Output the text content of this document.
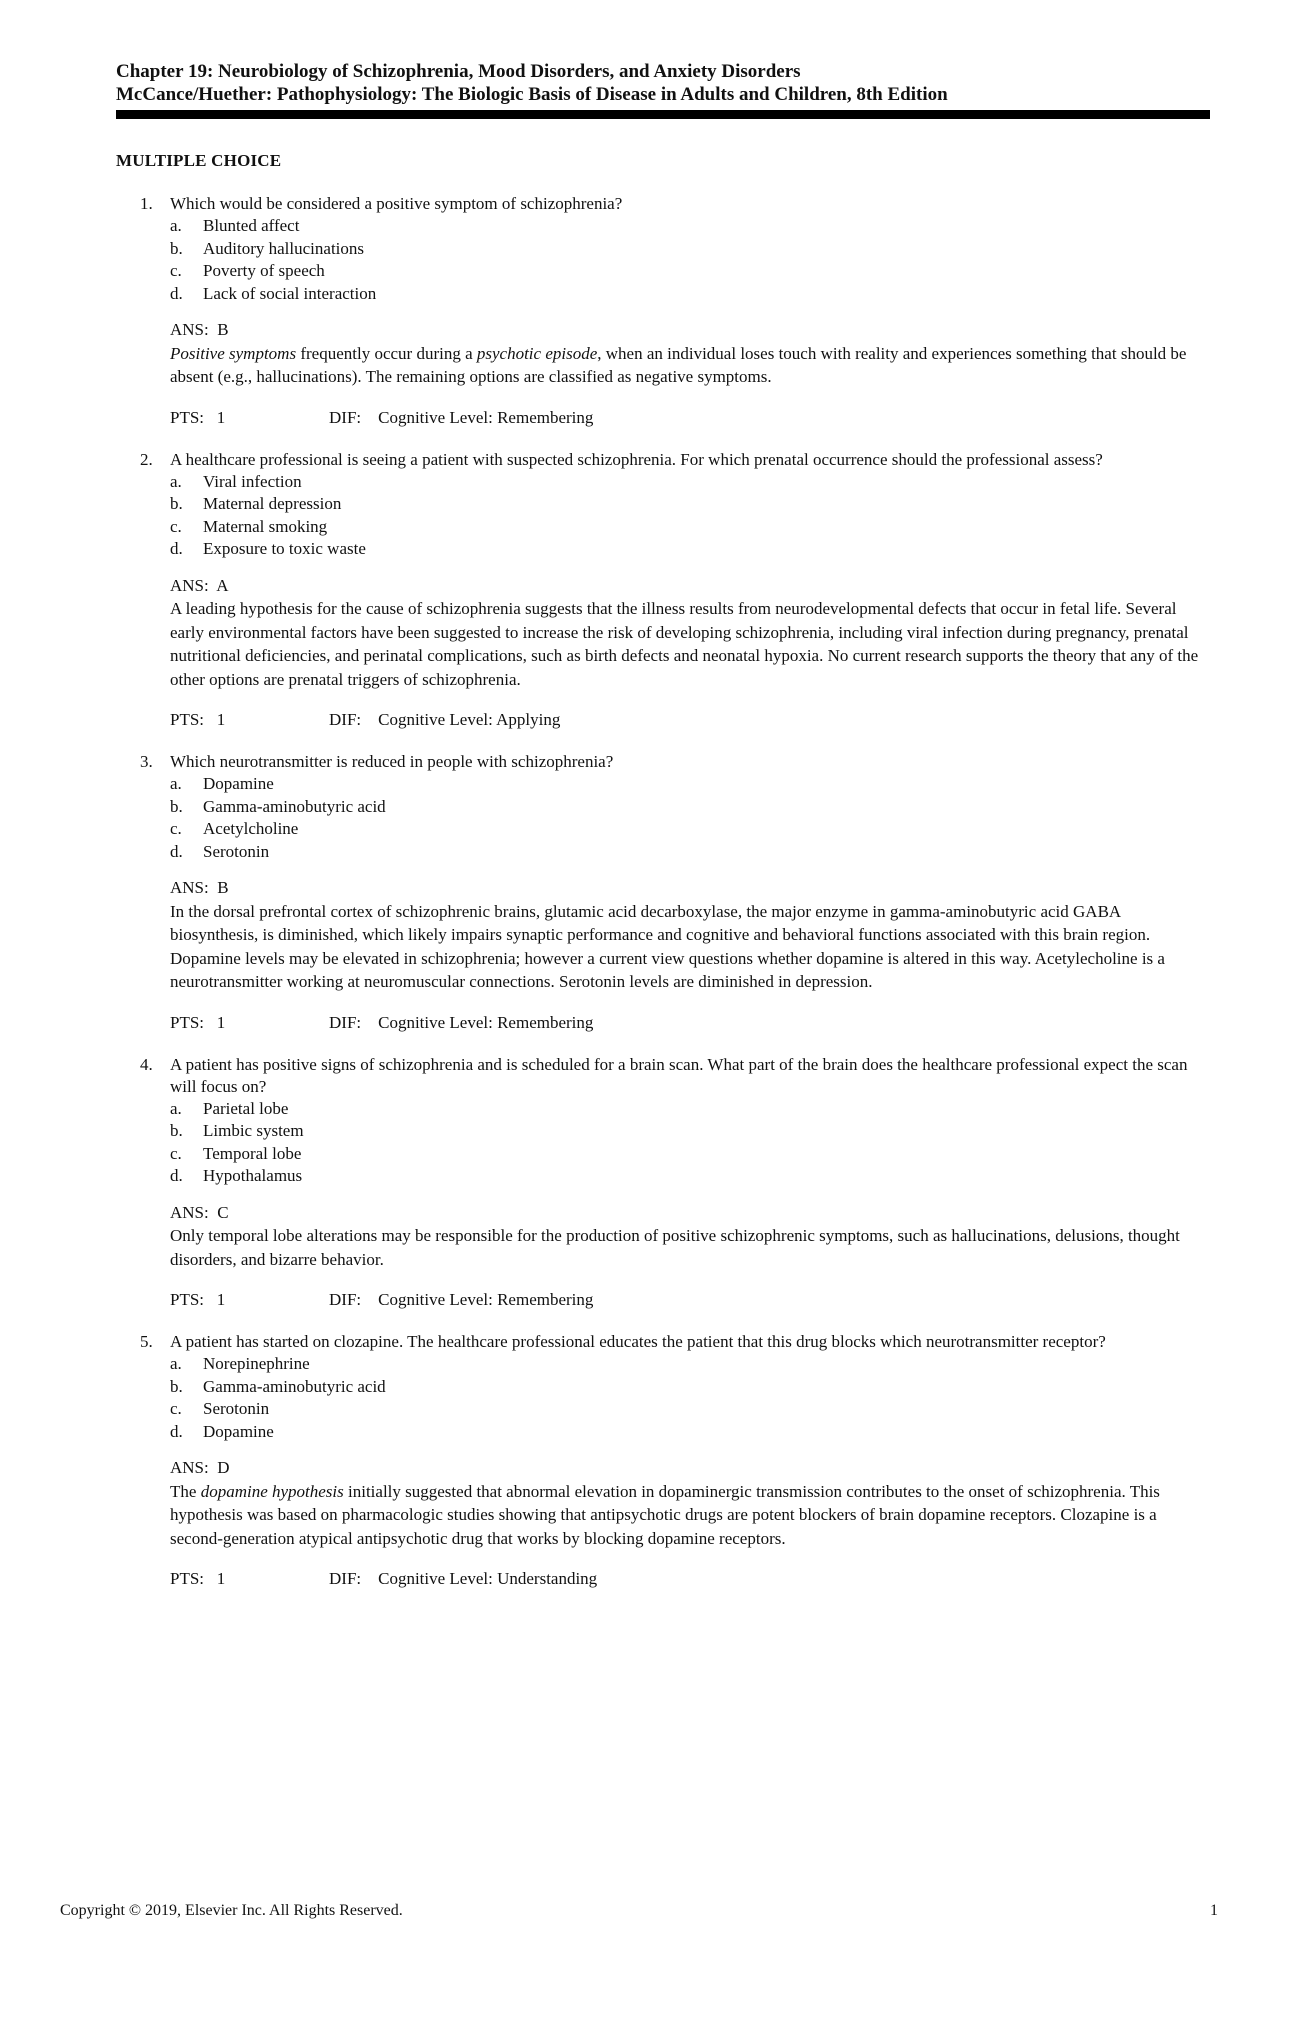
Chapter 19: Neurobiology of Schizophrenia, Mood Disorders, and Anxiety Disorders
McCance/Huether: Pathophysiology: The Biologic Basis of Disease in Adults and Children, 8th Edition
MULTIPLE CHOICE
1. Which would be considered a positive symptom of schizophrenia?
a. Blunted affect
b. Auditory hallucinations
c. Poverty of speech
d. Lack of social interaction
ANS:  B
Positive symptoms frequently occur during a psychotic episode, when an individual loses touch with reality and experiences something that should be absent (e.g., hallucinations). The remaining options are classified as negative symptoms.
PTS:   1	DIF:    Cognitive Level: Remembering
2. A healthcare professional is seeing a patient with suspected schizophrenia. For which prenatal occurrence should the professional assess?
a. Viral infection
b. Maternal depression
c. Maternal smoking
d. Exposure to toxic waste
ANS:  A
A leading hypothesis for the cause of schizophrenia suggests that the illness results from neurodevelopmental defects that occur in fetal life. Several early environmental factors have been suggested to increase the risk of developing schizophrenia, including viral infection during pregnancy, prenatal nutritional deficiencies, and perinatal complications, such as birth defects and neonatal hypoxia. No current research supports the theory that any of the other options are prenatal triggers of schizophrenia.
PTS:   1	DIF:    Cognitive Level: Applying
3. Which neurotransmitter is reduced in people with schizophrenia?
a. Dopamine
b. Gamma-aminobutyric acid
c. Acetylcholine
d. Serotonin
ANS:  B
In the dorsal prefrontal cortex of schizophrenic brains, glutamic acid decarboxylase, the major enzyme in gamma-aminobutyric acid GABA biosynthesis, is diminished, which likely impairs synaptic performance and cognitive and behavioral functions associated with this brain region. Dopamine levels may be elevated in schizophrenia; however a current view questions whether dopamine is altered in this way. Acetylecholine is a neurotransmitter working at neuromuscular connections. Serotonin levels are diminished in depression.
PTS:   1	DIF:    Cognitive Level: Remembering
4. A patient has positive signs of schizophrenia and is scheduled for a brain scan. What part of the brain does the healthcare professional expect the scan will focus on?
a. Parietal lobe
b. Limbic system
c. Temporal lobe
d. Hypothalamus
ANS:  C
Only temporal lobe alterations may be responsible for the production of positive schizophrenic symptoms, such as hallucinations, delusions, thought disorders, and bizarre behavior.
PTS:   1	DIF:    Cognitive Level: Remembering
5. A patient has started on clozapine. The healthcare professional educates the patient that this drug blocks which neurotransmitter receptor?
a. Norepinephrine
b. Gamma-aminobutyric acid
c. Serotonin
d. Dopamine
ANS:  D
The dopamine hypothesis initially suggested that abnormal elevation in dopaminergic transmission contributes to the onset of schizophrenia. This hypothesis was based on pharmacologic studies showing that antipsychotic drugs are potent blockers of brain dopamine receptors. Clozapine is a second-generation atypical antipsychotic drug that works by blocking dopamine receptors.
PTS:   1	DIF:    Cognitive Level: Understanding
Copyright © 2019, Elsevier Inc. All Rights Reserved.	1
